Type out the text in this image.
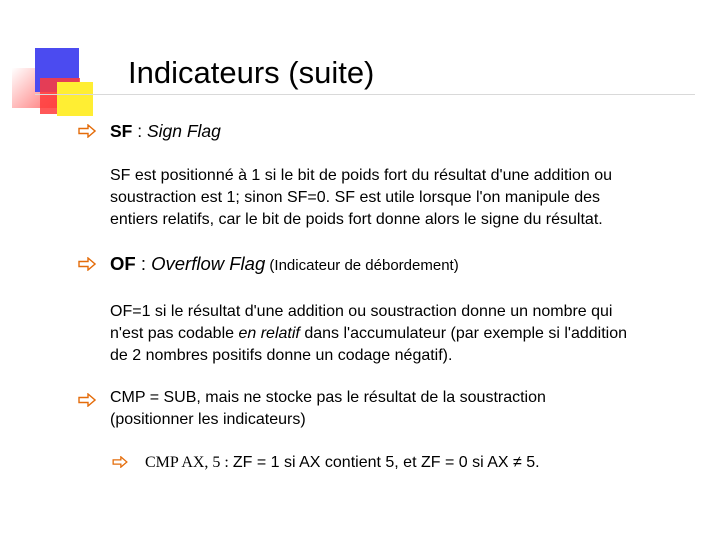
Indicateurs (suite)
SF : Sign Flag
SF est positionné à 1 si le bit de poids fort du résultat d'une addition ou
soustraction est 1; sinon SF=0. SF est utile lorsque l'on manipule des
entiers relatifs, car le bit de poids fort donne alors le signe du résultat.
OF : Overflow Flag (Indicateur de débordement)
OF=1 si le résultat d'une addition ou soustraction donne un nombre qui
n'est pas codable en relatif dans l'accumulateur (par exemple si l'addition
de 2 nombres positifs donne un codage négatif).
CMP = SUB, mais ne stocke pas le résultat de la soustraction
(positionner les indicateurs)
CMP AX, 5 : ZF = 1 si AX contient 5, et ZF = 0 si AX ≠ 5.
